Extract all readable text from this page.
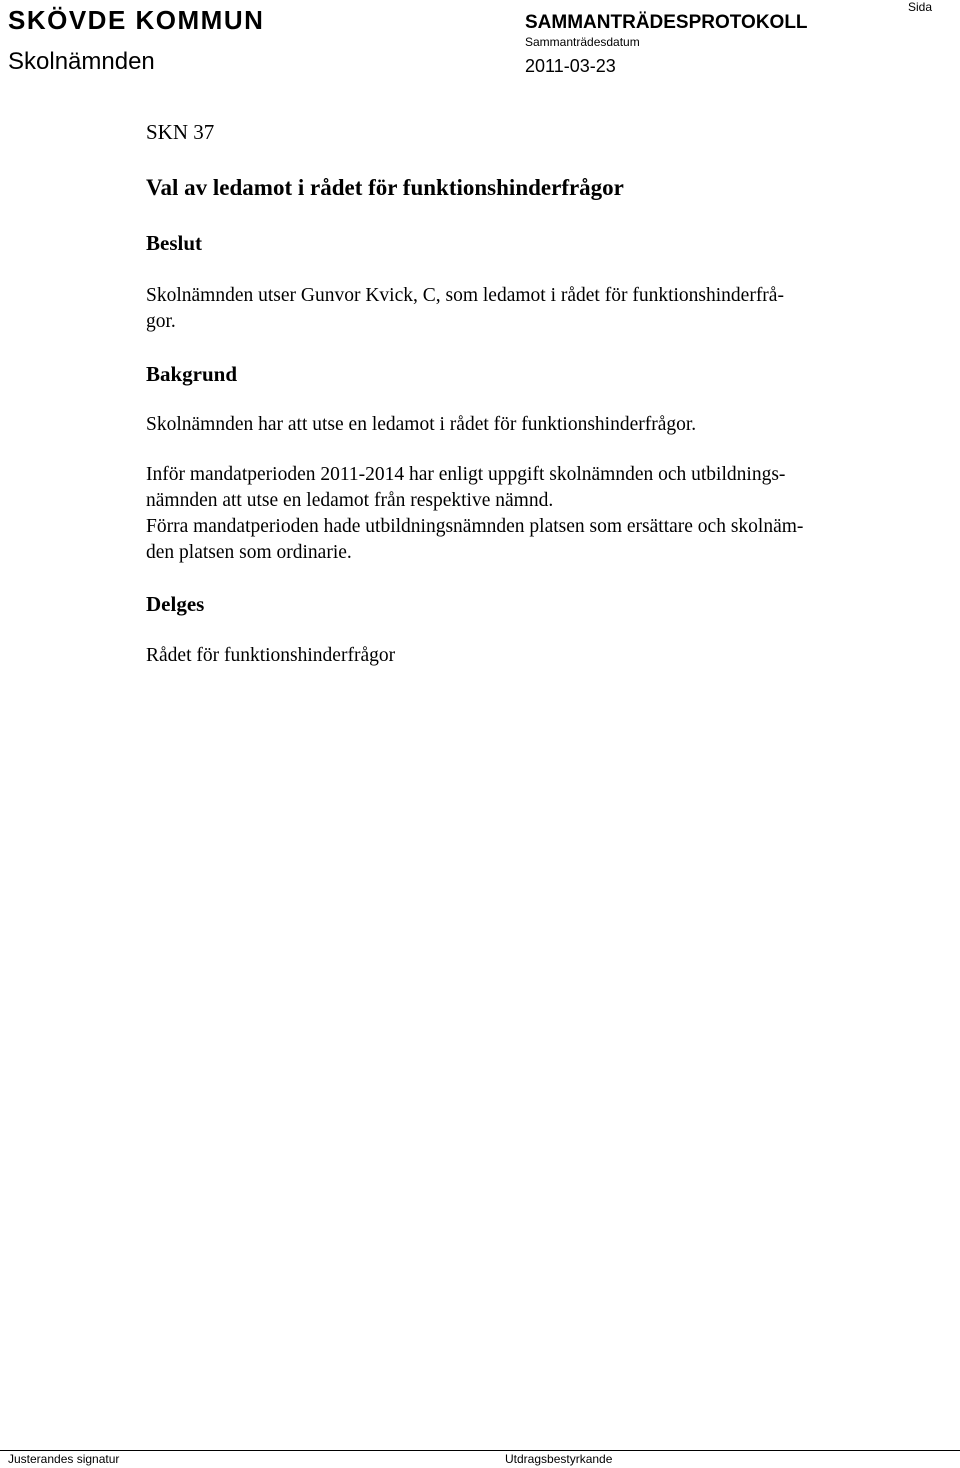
SKÖVDE KOMMUN
Skolnämnden
SAMMANTRÄDESPROTOKOLL
Sammanträdesdatum
2011-03-23
Sida
SKN 37
Val av ledamot i rådet för funktionshinderfrågor
Beslut
Skolnämnden utser Gunvor Kvick, C, som ledamot i rådet för funktionshinderfrå-
gor.
Bakgrund
Skolnämnden har att utse en ledamot i rådet för funktionshinderfrågor.
Inför mandatperioden 2011-2014 har enligt uppgift skolnämnden och utbildnings-
nämnden att utse en ledamot från respektive nämnd.
Förra mandatperioden hade utbildningsnämnden platsen som ersättare och skolnäm-
den platsen som ordinarie.
Delges
Rådet för funktionshinderfrågor
Justerandes signatur	Utdragsbestyrkande
